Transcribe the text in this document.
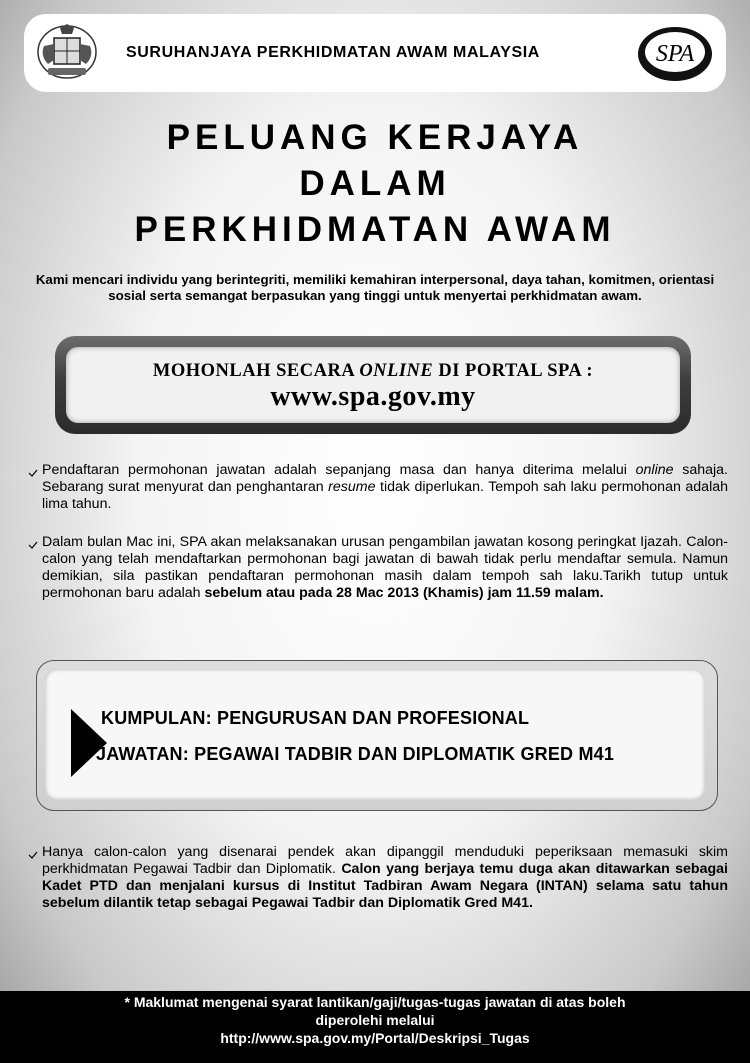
SURUHANJAYA PERKHIDMATAN AWAM MALAYSIA	SPA
PELUANG KERJAYA
DALAM
PERKHIDMATAN AWAM
Kami mencari individu yang berintegriti, memiliki kemahiran interpersonal, daya tahan, komitmen, orientasi sosial serta semangat berpasukan yang tinggi untuk menyertai perkhidmatan awam.
MOHONLAH SECARA ONLINE DI PORTAL SPA :
www.spa.gov.my
Pendaftaran permohonan jawatan adalah sepanjang masa dan hanya diterima melalui online sahaja. Sebarang surat menyurat dan penghantaran resume tidak diperlukan. Tempoh sah laku permohonan adalah lima tahun.
Dalam bulan Mac ini, SPA akan melaksanakan urusan pengambilan jawatan kosong peringkat Ijazah. Calon-calon yang telah mendaftarkan permohonan bagi jawatan di bawah tidak perlu mendaftar semula. Namun demikian, sila pastikan pendaftaran permohonan masih dalam tempoh sah laku.Tarikh tutup untuk permohonan baru adalah sebelum atau pada 28 Mac 2013 (Khamis) jam 11.59 malam.
KUMPULAN: PENGURUSAN DAN PROFESIONAL
JAWATAN: PEGAWAI TADBIR DAN DIPLOMATIK GRED M41
Hanya calon-calon yang disenarai pendek akan dipanggil menduduki peperiksaan memasuki skim perkhidmatan Pegawai Tadbir dan Diplomatik. Calon yang berjaya temu duga akan ditawarkan sebagai Kadet PTD dan menjalani kursus di Institut Tadbiran Awam Negara (INTAN) selama satu tahun sebelum dilantik tetap sebagai Pegawai Tadbir dan Diplomatik Gred M41.
* Maklumat mengenai syarat lantikan/gaji/tugas-tugas jawatan di atas boleh
diperolehi melalui
http://www.spa.gov.my/Portal/Deskripsi_Tugas
